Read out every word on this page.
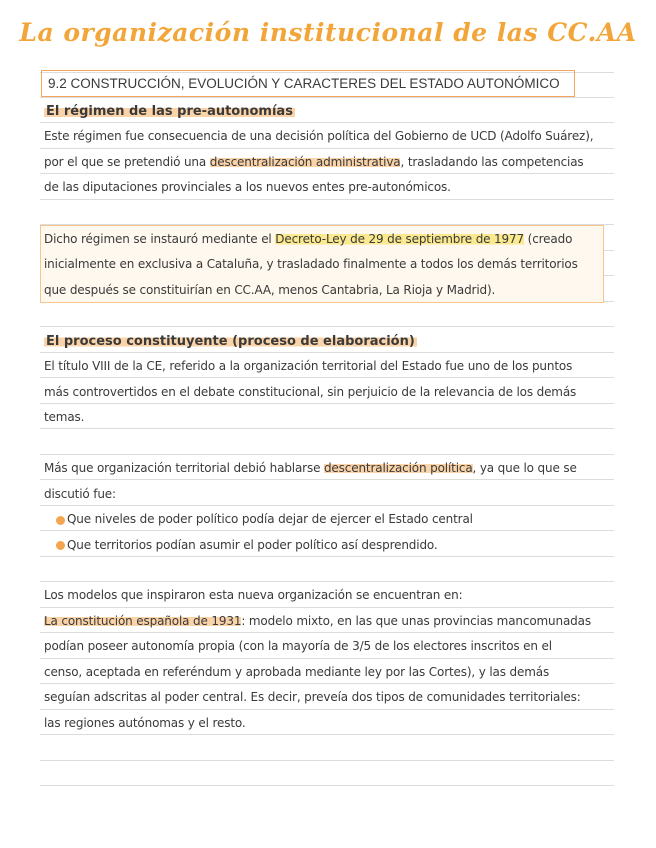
La organización institucional de las CC.AA
9.2 CONSTRUCCIÓN, EVOLUCIÓN Y CARACTERES DEL ESTADO AUTONÓMICO
El régimen de las pre-autonomías
Este régimen fue consecuencia de una decisión política del Gobierno de UCD (Adolfo Suárez),
por el que se pretendió una descentralización administrativa, trasladando las competencias
de las diputaciones provinciales a los nuevos entes pre-autonómicos.
Dicho régimen se instauró mediante el Decreto-Ley de 29 de septiembre de 1977 (creado
inicialmente en exclusiva a Cataluña, y trasladado finalmente a todos los demás territorios
que después se constituirían en CC.AA, menos Cantabria, La Rioja y Madrid).
El proceso constituyente (proceso de elaboración)
El título VIII de la CE, referido a la organización territorial del Estado fue uno de los puntos
más controvertidos en el debate constitucional, sin perjuicio de la relevancia de los demás
temas.
Más que organización territorial debió hablarse descentralización política, ya que lo que se
discutió fue:
Que niveles de poder político podía dejar de ejercer el Estado central
Que territorios podían asumir el poder político así desprendido.
Los modelos que inspiraron esta nueva organización se encuentran en:
La constitución española de 1931: modelo mixto, en las que unas provincias mancomunadas
podían poseer autonomía propia (con la mayoría de 3/5 de los electores inscritos en el
censo, aceptada en referéndum y aprobada mediante ley por las Cortes), y las demás
seguían adscritas al poder central. Es decir, preveía dos tipos de comunidades territoriales:
las regiones autónomas y el resto.
